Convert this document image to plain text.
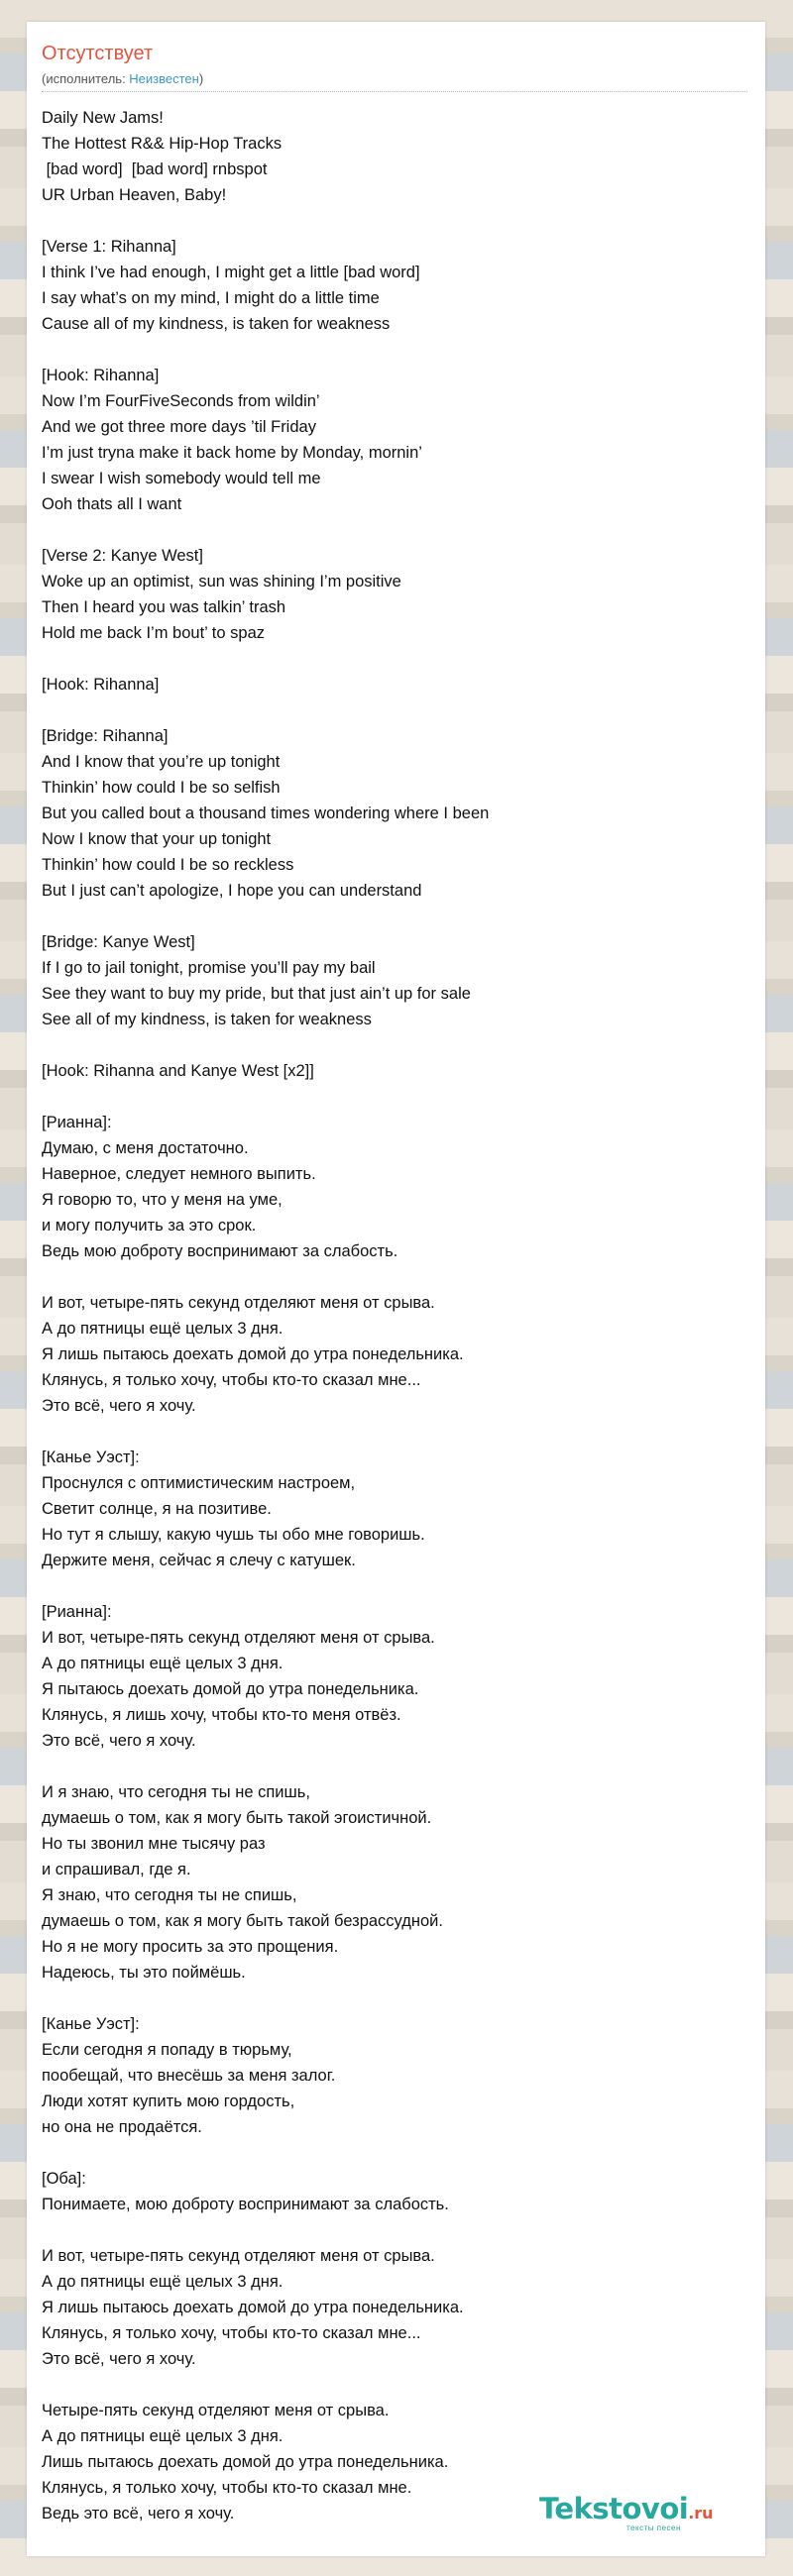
Отсутствует
(исполнитель: Неизвестен)
Daily New Jams!
The Hottest R&& Hip-Hop Tracks
[bad word]  [bad word] rnbspot
UR Urban Heaven, Baby!
[Verse 1: Rihanna]
I think I’ve had enough, I might get a little [bad word]
I say what’s on my mind, I might do a little time
Cause all of my kindness, is taken for weakness
[Hook: Rihanna]
Now I’m FourFiveSeconds from wildin’
And we got three more days ’til Friday
I’m just tryna make it back home by Monday, mornin’
I swear I wish somebody would tell me
Ooh thats all I want
[Verse 2: Kanye West]
Woke up an optimist, sun was shining I’m positive
Then I heard you was talkin’ trash
Hold me back I’m bout’ to spaz
[Hook: Rihanna]
[Bridge: Rihanna]
And I know that you’re up tonight
Thinkin’ how could I be so selfish
But you called bout a thousand times wondering where I been
Now I know that your up tonight
Thinkin’ how could I be so reckless
But I just can’t apologize, I hope you can understand
[Bridge: Kanye West]
If I go to jail tonight, promise you’ll pay my bail
See they want to buy my pride, but that just ain’t up for sale
See all of my kindness, is taken for weakness
[Hook: Rihanna and Kanye West [x2]]
[Рианна]:
Думаю, с меня достаточно.
Наверное, следует немного выпить.
Я говорю то, что у меня на уме,
и могу получить за это срок.
Ведь мою доброту воспринимают за слабость.
И вот, четыре-пять секунд отделяют меня от срыва.
А до пятницы ещё целых 3 дня.
Я лишь пытаюсь доехать домой до утра понедельника.
Клянусь, я только хочу, чтобы кто-то сказал мне...
Это всё, чего я хочу.
[Канье Уэст]:
Проснулся с оптимистическим настроем,
Светит солнце, я на позитиве.
Но тут я слышу, какую чушь ты обо мне говоришь.
Держите меня, сейчас я слечу с катушек.
[Рианна]:
И вот, четыре-пять секунд отделяют меня от срыва.
А до пятницы ещё целых 3 дня.
Я пытаюсь доехать домой до утра понедельника.
Клянусь, я лишь хочу, чтобы кто-то меня отвёз.
Это всё, чего я хочу.
И я знаю, что сегодня ты не спишь,
думаешь о том, как я могу быть такой эгоистичной.
Но ты звонил мне тысячу раз
и спрашивал, где я.
Я знаю, что сегодня ты не спишь,
думаешь о том, как я могу быть такой безрассудной.
Но я не могу просить за это прощения.
Надеюсь, ты это поймёшь.
[Канье Уэст]:
Если сегодня я попаду в тюрьму,
пообещай, что внесёшь за меня залог.
Люди хотят купить мою гордость,
но она не продаётся.
[Оба]:
Понимаете, мою доброту воспринимают за слабость.
И вот, четыре-пять секунд отделяют меня от срыва.
А до пятницы ещё целых 3 дня.
Я лишь пытаюсь доехать домой до утра понедельника.
Клянусь, я только хочу, чтобы кто-то сказал мне...
Это всё, чего я хочу.
Четыре-пять секунд отделяют меня от срыва.
А до пятницы ещё целых 3 дня.
Лишь пытаюсь доехать домой до утра понедельника.
Клянусь, я только хочу, чтобы кто-то сказал мне.
Ведь это всё, чего я хочу.	Tekstovoi.ru
тексты песен
